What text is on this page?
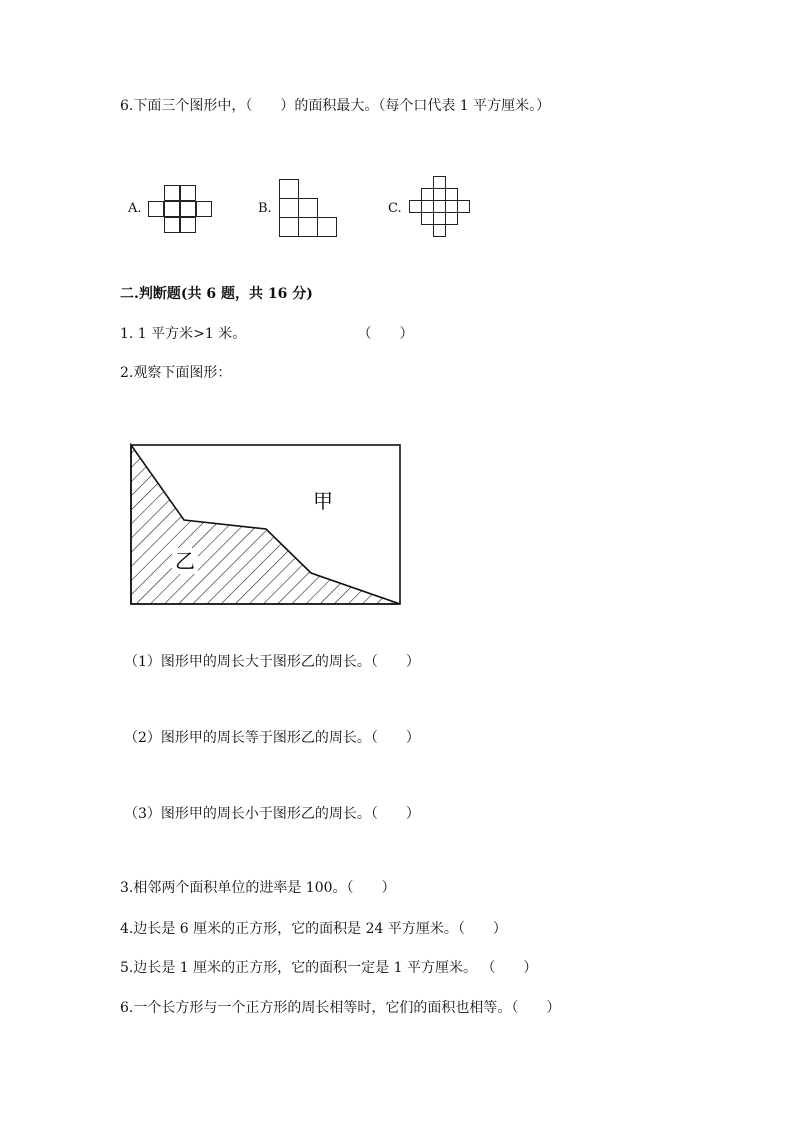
6.下面三个图形中，（　　）的面积最大。（每个口代表 1 平方厘米。）
A.	B.	C.
二.判断题(共 6 题，共 16 分)
1. 1 平方米>1 米。                         （　　）
2.观察下面图形：
甲
乙
（1）图形甲的周长大于图形乙的周长。（　　）
（2）图形甲的周长等于图形乙的周长。（　　）
（3）图形甲的周长小于图形乙的周长。（　　）
3.相邻两个面积单位的进率是 100。（　　）
4.边长是 6 厘米的正方形，它的面积是 24 平方厘米。（　　）
5.边长是 1 厘米的正方形，它的面积一定是 1 平方厘米。 （　　）
6.一个长方形与一个正方形的周长相等时，它们的面积也相等。（　　）
